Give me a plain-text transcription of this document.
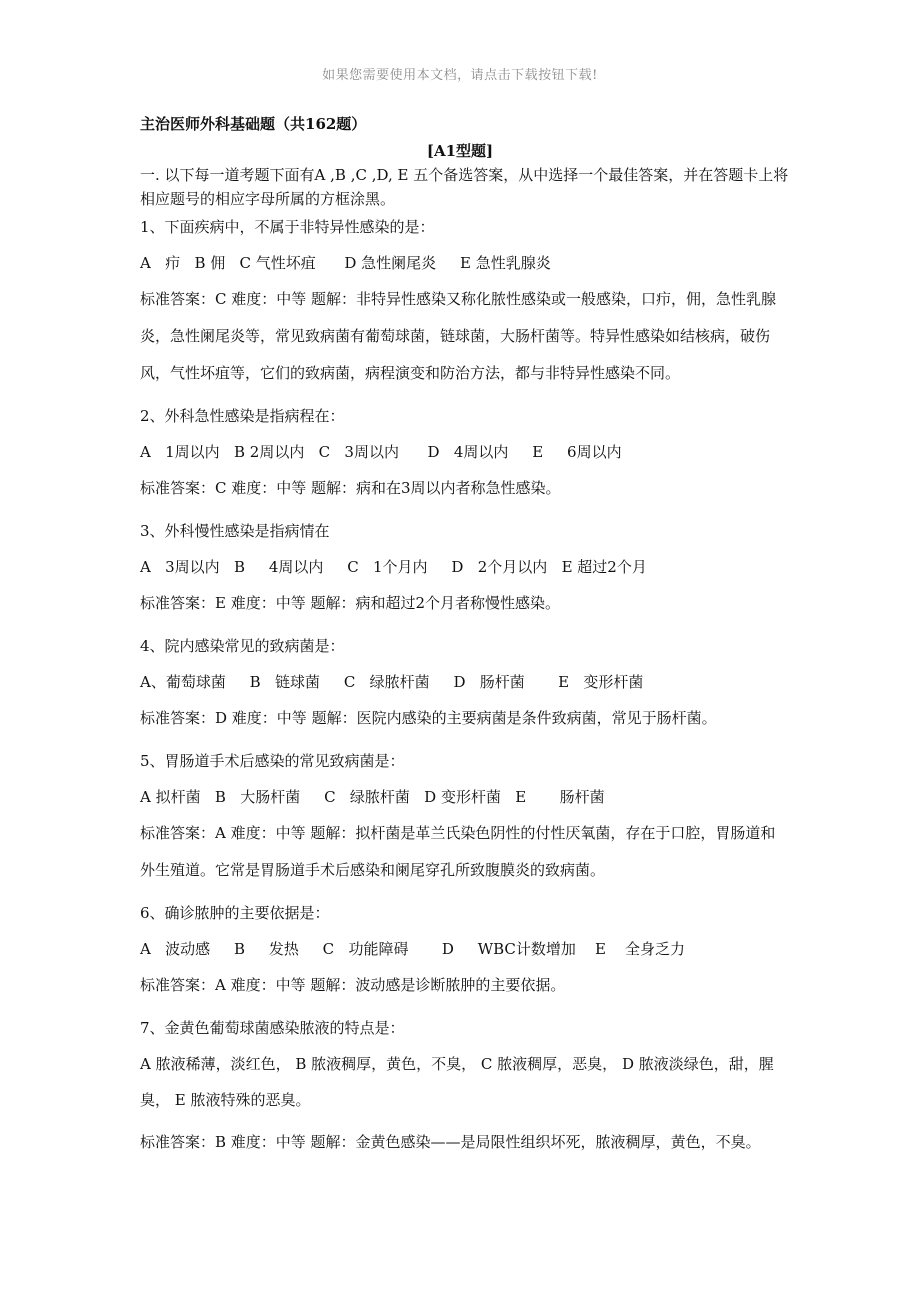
如果您需要使用本文档，请点击下载按钮下载!
主治医师外科基础题（共162题）
[A1型题]

一. 以下每一道考题下面有A ,B ,C ,D, E 五个备选答案，从中选择一个最佳答案，并在答题卡上将相应题号的相应字母所属的方框涂黑。

1、下面疾病中，不属于非特异性感染的是：

A   疖   B 佣   C 气性坏疽      D 急性阑尾炎     E 急性乳腺炎

标准答案：C 难度：中等 题解：非特异性感染又称化脓性感染或一般感染，口疖，佣，急性乳腺炎，急性阑尾炎等，常见致病菌有葡萄球菌，链球菌，大肠杆菌等。特异性感染如结核病，破伤风，气性坏疽等，它们的致病菌，病程演变和防治方法，都与非特异性感染不同。

2、外科急性感染是指病程在：

A   1周以内   B 2周以内   C   3周以内      D   4周以内     E     6周以内

标准答案：C 难度：中等 题解：病和在3周以内者称急性感染。

3、外科慢性感染是指病情在

A   3周以内   B     4周以内     C   1个月内     D   2个月以内   E 超过2个月

标准答案：E 难度：中等 题解：病和超过2个月者称慢性感染。

4、院内感染常见的致病菌是：

A、葡萄球菌     B   链球菌     C   绿脓杆菌     D   肠杆菌       E   变形杆菌

标准答案：D 难度：中等 题解：医院内感染的主要病菌是条件致病菌，常见于肠杆菌。

5、胃肠道手术后感染的常见致病菌是：

A 拟杆菌   B   大肠杆菌     C   绿脓杆菌   D 变形杆菌   E       肠杆菌

标准答案：A 难度：中等 题解：拟杆菌是革兰氏染色阴性的付性厌氧菌，存在于口腔，胃肠道和外生殖道。它常是胃肠道手术后感染和阑尾穿孔所致腹膜炎的致病菌。

6、确诊脓肿的主要依据是：

A   波动感     B     发热     C   功能障碍       D     WBC计数增加    E    全身乏力

标准答案：A 难度：中等 题解：波动感是诊断脓肿的主要依据。

7、金黄色葡萄球菌感染脓液的特点是：

A 脓液稀薄，淡红色， B 脓液稠厚，黄色，不臭， C 脓液稠厚，恶臭， D 脓液淡绿色，甜，腥臭， E 脓液特殊的恶臭。

标准答案：B 难度：中等 题解：金黄色感染——是局限性组织坏死，脓液稠厚，黄色，不臭。
